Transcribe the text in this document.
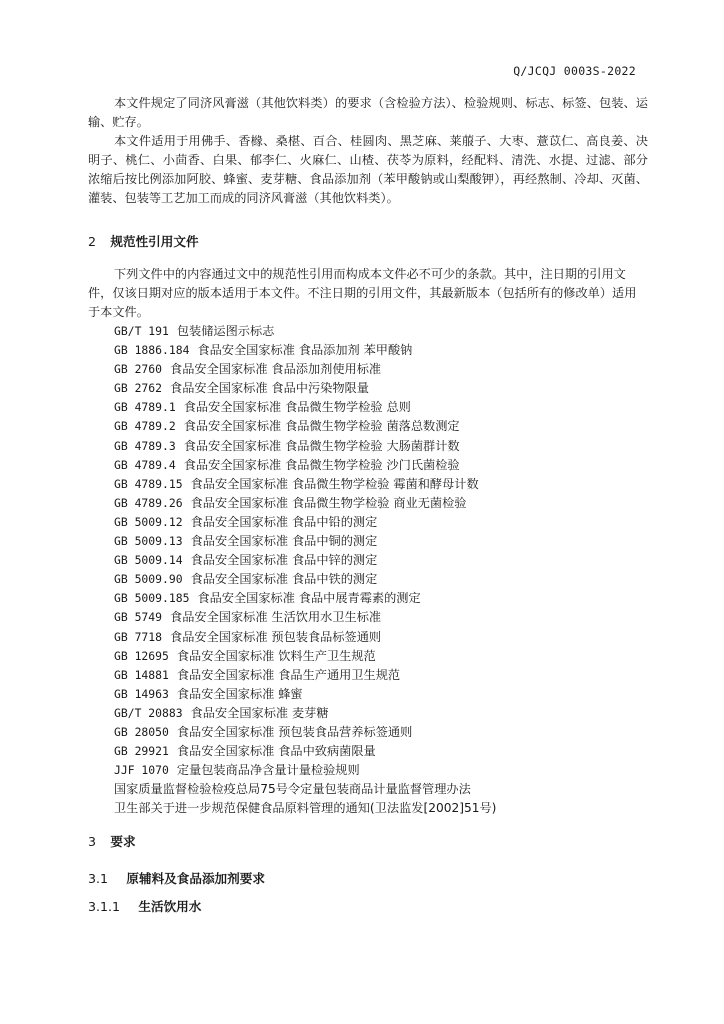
Q/JCQJ 0003S-2022

本文件规定了同济风膏滋（其他饮料类）的要求（含检验方法）、检验规则、标志、标签、包装、运输、贮存。

本文件适用于用佛手、香橼、桑椹、百合、桂圆肉、黑芝麻、莱菔子、大枣、薏苡仁、高良姜、决明子、桃仁、小茴香、白果、郁李仁、火麻仁、山楂、茯苓为原料，经配料、清洗、水提、过滤、部分浓缩后按比例添加阿胶、蜂蜜、麦芽糖、食品添加剂（苯甲酸钠或山梨酸钾），再经熬制、冷却、灭菌、灌装、包装等工艺加工而成的同济风膏滋（其他饮料类）。

2 规范性引用文件

下列文件中的内容通过文中的规范性引用而构成本文件必不可少的条款。其中，注日期的引用文件，仅该日期对应的版本适用于本文件。不注日期的引用文件，其最新版本（包括所有的修改单）适用于本文件。

GB/T 191 包装储运图示标志
GB 1886.184 食品安全国家标准 食品添加剂 苯甲酸钠
GB 2760 食品安全国家标准 食品添加剂使用标准
GB 2762 食品安全国家标准 食品中污染物限量
GB 4789.1 食品安全国家标准 食品微生物学检验 总则
GB 4789.2 食品安全国家标准 食品微生物学检验 菌落总数测定
GB 4789.3 食品安全国家标准 食品微生物学检验 大肠菌群计数
GB 4789.4 食品安全国家标准 食品微生物学检验 沙门氏菌检验
GB 4789.15 食品安全国家标准 食品微生物学检验 霉菌和酵母计数
GB 4789.26 食品安全国家标准 食品微生物学检验 商业无菌检验
GB 5009.12 食品安全国家标准 食品中铅的测定
GB 5009.13 食品安全国家标准 食品中铜的测定
GB 5009.14 食品安全国家标准 食品中锌的测定
GB 5009.90 食品安全国家标准 食品中铁的测定
GB 5009.185 食品安全国家标准 食品中展青霉素的测定
GB 5749 食品安全国家标准 生活饮用水卫生标准
GB 7718 食品安全国家标准 预包装食品标签通则
GB 12695 食品安全国家标准 饮料生产卫生规范
GB 14881 食品安全国家标准 食品生产通用卫生规范
GB 14963 食品安全国家标准 蜂蜜
GB/T 20883 食品安全国家标准 麦芽糖
GB 28050 食品安全国家标准 预包装食品营养标签通则
GB 29921 食品安全国家标准 食品中致病菌限量
JJF 1070 定量包装商品净含量计量检验规则
国家质量监督检验检疫总局75号令定量包装商品计量监督管理办法
卫生部关于进一步规范保健食品原料管理的通知(卫法监发[2002]51号)
3 要求
3.1 原辅料及食品添加剂要求
3.1.1 生活饮用水
